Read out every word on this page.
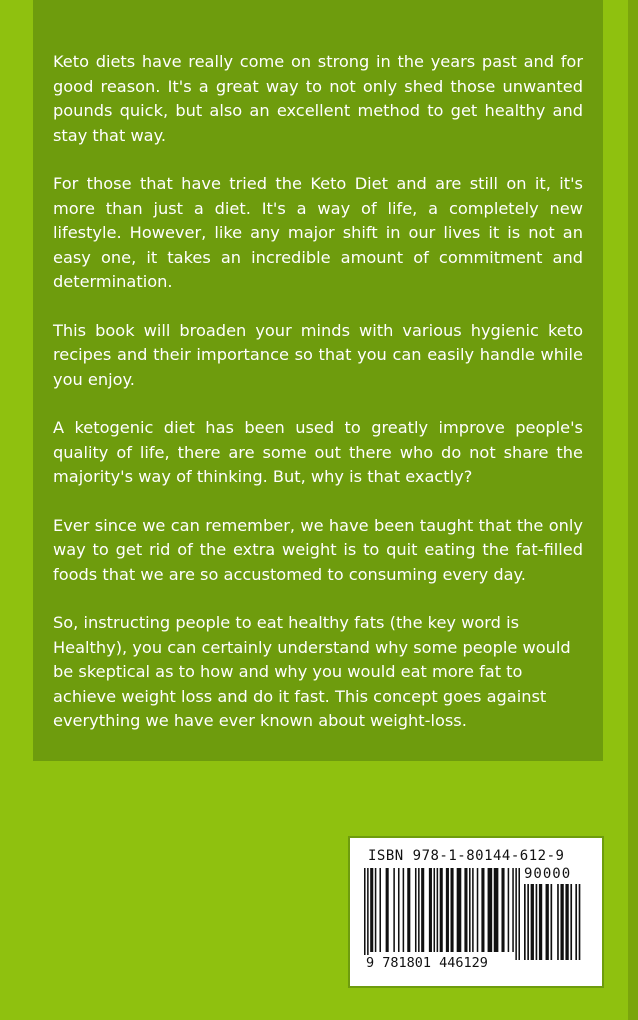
Keto diets have really come on strong in the years past and for good reason. It's a great way to not only shed those unwanted pounds quick, but also an excellent method to get healthy and stay that way.

For those that have tried the Keto Diet and are still on it, it's more than just a diet. It's a way of life, a completely new lifestyle. However, like any major shift in our lives it is not an easy one, it takes an incredible amount of commitment and determination.

This book will broaden your minds with various hygienic keto recipes and their importance so that you can easily handle while you enjoy.

A ketogenic diet has been used to greatly improve people's quality of life, there are some out there who do not share the majority's way of thinking. But, why is that exactly?

Ever since we can remember, we have been taught that the only way to get rid of the extra weight is to quit eating the fat-filled foods that we are so accustomed to consuming every day.

So, instructing people to eat healthy fats (the key word is Healthy), you can certainly understand why some people would be skeptical as to how and why you would eat more fat to achieve weight loss and do it fast. This concept goes against everything we have ever known about weight-loss.

ISBN 978-1-80144-612-9
90000
9 781801 446129
